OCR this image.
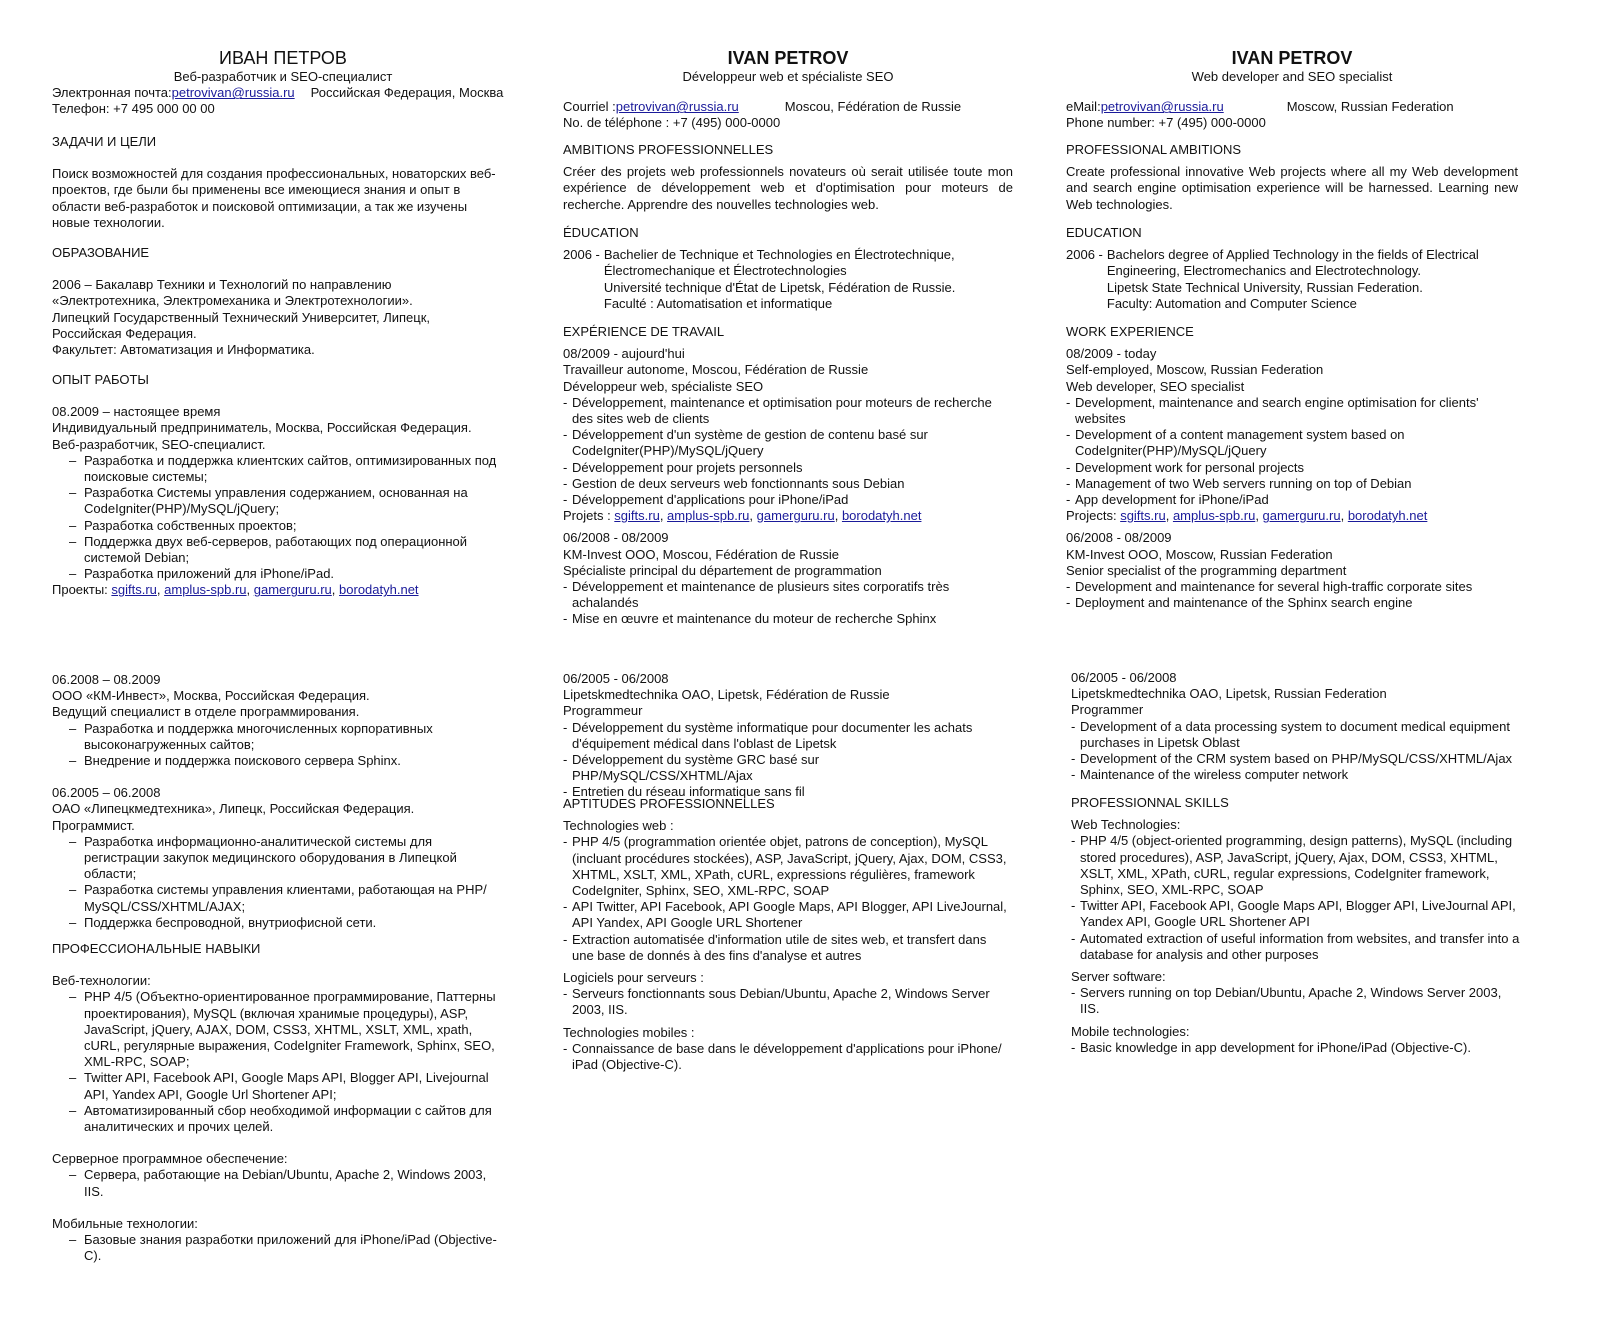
ИВАН ПЕТРОВ

Веб-разработчик и SEO-специалист

Электронная почта: petrovivan@russia.ru Российская Федерация, Москва

Телефон: +7 495 000 00 00

ЗАДАЧИ И ЦЕЛИ

Поиск возможностей для создания профессиональных, новаторских веб-проектов, где были бы применены все имеющиеся знания и опыт в области веб-разработок и поисковой оптимизации, а так же изучены новые технологии.

ОБРАЗОВАНИЕ

2006 – Бакалавр Техники и Технологий по направлению

«Электротехника, Электромеханика и Электротехнологии».

Липецкий Государственный Технический Университет, Липецк,

Российская Федерация.

Факультет: Автоматизация и Информатика.

ОПЫТ РАБОТЫ

08.2009 – настоящее время

Индивидуальный предприниматель, Москва, Российская Федерация.

Веб-разработчик, SEO-специалист.

– Разработка и поддержка клиентских сайтов, оптимизированных под поисковые системы;
– Разработка Системы управления содержанием, основанная на CodeIgniter(PHP)/MySQL/jQuery;
– Разработка собственных проектов;
– Поддержка двух веб-серверов, работающих под операционной системой Debian;
– Разработка приложений для iPhone/iPad.

Проекты: sgifts.ru, amplus-spb.ru, gamerguru.ru, borodatyh.net

06.2008 – 08.2009

ООО «КМ-Инвест», Москва, Российская Федерация.

Ведущий специалист в отделе программирования.

– Разработка и поддержка многочисленных корпоративных высоконагруженных сайтов;
– Внедрение и поддержка поискового сервера Sphinx.

06.2005 – 06.2008

ОАО «Липецкмедтехника», Липецк, Российская Федерация.

Программист.

– Разработка информационно-аналитической системы для регистрации закупок медицинского оборудования в Липецкой области;
– Разработка системы управления клиентами, работающая на PHP/ MySQL/CSS/XHTML/AJAX;
– Поддержка беспроводной, внутриофисной сети.

ПРОФЕССИОНАЛЬНЫЕ НАВЫКИ

Веб-технологии:

– PHP 4/5 (Объектно-ориентированное программирование, Паттерны проектирования), MySQL (включая хранимые процедуры), ASP, JavaScript, jQuery, AJAX, DOM, CSS3, XHTML, XSLT, XML, xpath, cURL, регулярные выражения, CodeIgniter Framework, Sphinx, SEO, XML-RPC, SOAP;
– Twitter API, Facebook API, Google Maps API, Blogger API, Livejournal API, Yandex API, Google Url Shortener API;
– Автоматизированный сбор необходимой информации с сайтов для аналитических и прочих целей.

Серверное программное обеспечение:

– Сервера, работающие на Debian/Ubuntu, Apache 2, Windows 2003, IIS.

Мобильные технологии:

– Базовые знания разработки приложений для iPhone/iPad (Objective-C).

IVAN PETROV

Développeur web et spécialiste SEO

Courriel : petrovivan@russia.ru	Moscou, Fédération de Russie

No. de téléphone : +7 (495) 000-0000

AMBITIONS PROFESSIONNELLES

Créer des projets web professionnels novateurs où serait utilisée toute mon expérience de développement web et d'optimisation pour moteurs de recherche. Apprendre des nouvelles technologies web.

ÉDUCATION

2006 - Bachelier de Technique et Technologies en Électrotechnique,

Électromechanique et Électrotechnologies

Université technique d'État de Lipetsk, Fédération de Russie.

Faculté : Automatisation et informatique

EXPÉRIENCE DE TRAVAIL

08/2009 - aujourd'hui

Travailleur autonome, Moscou, Fédération de Russie

Développeur web, spécialiste SEO

- Développement, maintenance et optimisation pour moteurs de recherche des sites web de clients
- Développement d'un système de gestion de contenu basé sur CodeIgniter(PHP)/MySQL/jQuery
- Développement pour projets personnels
- Gestion de deux serveurs web fonctionnants sous Debian
- Développement d'applications pour iPhone/iPad

Projets : sgifts.ru, amplus-spb.ru, gamerguru.ru, borodatyh.net

06/2008 - 08/2009

KM-Invest OOO, Moscou, Fédération de Russie

Spécialiste principal du département de programmation

- Développement et maintenance de plusieurs sites corporatifs très achalandés
- Mise en œuvre et maintenance du moteur de recherche Sphinx

06/2005 - 06/2008

Lipetskmedtechnika OAO, Lipetsk, Fédération de Russie

Programmeur

- Développement du système informatique pour documenter les achats d'équipement médical dans l'oblast de Lipetsk
- Développement du système GRC basé sur PHP/MySQL/CSS/XHTML/Ajax
- Entretien du réseau informatique sans fil

APTITUDES PROFESSIONNELLES

Technologies web :

- PHP 4/5 (programmation orientée objet, patrons de conception), MySQL (incluant procédures stockées), ASP, JavaScript, jQuery, Ajax, DOM, CSS3, XHTML, XSLT, XML, XPath, cURL, expressions régulières, framework CodeIgniter, Sphinx, SEO, XML-RPC, SOAP
- API Twitter, API Facebook, API Google Maps, API Blogger, API LiveJournal, API Yandex, API Google URL Shortener
- Extraction automatisée d'information utile de sites web, et transfert dans une base de donnés à des fins d'analyse et autres

Logiciels pour serveurs :

- Serveurs fonctionnants sous Debian/Ubuntu, Apache 2, Windows Server 2003, IIS.

Technologies mobiles :

- Connaissance de base dans le développement d'applications pour iPhone/ iPad (Objective-C).

IVAN PETROV

Web developer and SEO specialist

eMail: petrovivan@russia.ru	Moscow, Russian Federation

Phone number: +7 (495) 000-0000

PROFESSIONAL AMBITIONS

Create professional innovative Web projects where all my Web development and search engine optimisation experience will be harnessed. Learning new Web technologies.

EDUCATION

2006 - Bachelors degree of Applied Technology in the fields of Electrical

Engineering, Electromechanics and Electrotechnology.

Lipetsk State Technical University, Russian Federation.

Faculty: Automation and Computer Science

WORK EXPERIENCE

08/2009 - today

Self-employed, Moscow, Russian Federation

Web developer, SEO specialist

- Development, maintenance and search engine optimisation for clients' websites
- Development of a content management system based on CodeIgniter(PHP)/MySQL/jQuery
- Development work for personal projects
- Management of two Web servers running on top of Debian
- App development for iPhone/iPad

Projects: sgifts.ru, amplus-spb.ru, gamerguru.ru, borodatyh.net

06/2008 - 08/2009

KM-Invest OOO, Moscow, Russian Federation

Senior specialist of the programming department

- Development and maintenance for several high-traffic corporate sites
- Deployment and maintenance of the Sphinx search engine

06/2005 - 06/2008

Lipetskmedtechnika OAO, Lipetsk, Russian Federation

Programmer

- Development of a data processing system to document medical equipment purchases in Lipetsk Oblast
- Development of the CRM system based on PHP/MySQL/CSS/XHTML/Ajax
- Maintenance of the wireless computer network

PROFESSIONNAL SKILLS

Web Technologies:

- PHP 4/5 (object-oriented programming, design patterns), MySQL (including stored procedures), ASP, JavaScript, jQuery, Ajax, DOM, CSS3, XHTML, XSLT, XML, XPath, cURL, regular expressions, CodeIgniter framework, Sphinx, SEO, XML-RPC, SOAP
- Twitter API, Facebook API, Google Maps API, Blogger API, LiveJournal API, Yandex API, Google URL Shortener API
- Automated extraction of useful information from websites, and transfer into a database for analysis and other purposes

Server software:

- Servers running on top Debian/Ubuntu, Apache 2, Windows Server 2003, IIS.

Mobile technologies:

- Basic knowledge in app development for iPhone/iPad (Objective-C).
